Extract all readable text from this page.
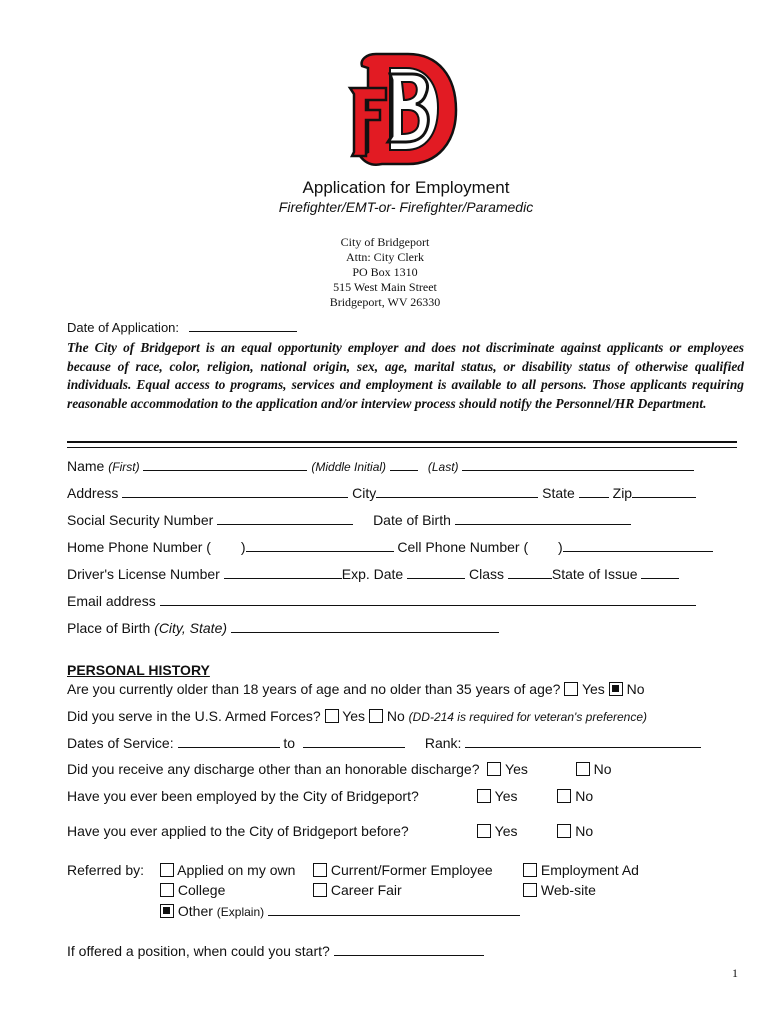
Application for Employment
Firefighter/EMT-or- Firefighter/Paramedic
City of Bridgeport
Attn: City Clerk
PO Box 1310
515 West Main Street
Bridgeport, WV 26330
Date of Application:
The City of Bridgeport is an equal opportunity employer and does not discriminate against applicants or employees because of race, color, religion, national origin, sex, age, marital status, or disability status of otherwise qualified individuals. Equal access to programs, services and employment is available to all persons. Those applicants requiring reasonable accommodation to the application and/or interview process should notify the Personnel/HR Department.
Name (First)	(Middle Initial)	(Last)
Address	City	State	Zip
Social Security Number	Date of Birth
Home Phone Number ( )	Cell Phone Number ( )
Driver's License Number	Exp. Date	Class	State of Issue
Email address
Place of Birth (City, State)
PERSONAL HISTORY
Are you currently older than 18 years of age and no older than 35 years of age? Yes No
Did you serve in the U.S. Armed Forces? Yes No (DD-214 is required for veteran's preference)
Dates of Service:	to	Rank:
Did you receive any discharge other than an honorable discharge? Yes	No
Have you ever been employed by the City of Bridgeport?	Yes	No
Have you ever applied to the City of Bridgeport before?	Yes	No
Referred by:	Applied on my own	Current/Former Employee	Employment Ad
College	Career Fair	Web-site
Other (Explain)
If offered a position, when could you start?
1
